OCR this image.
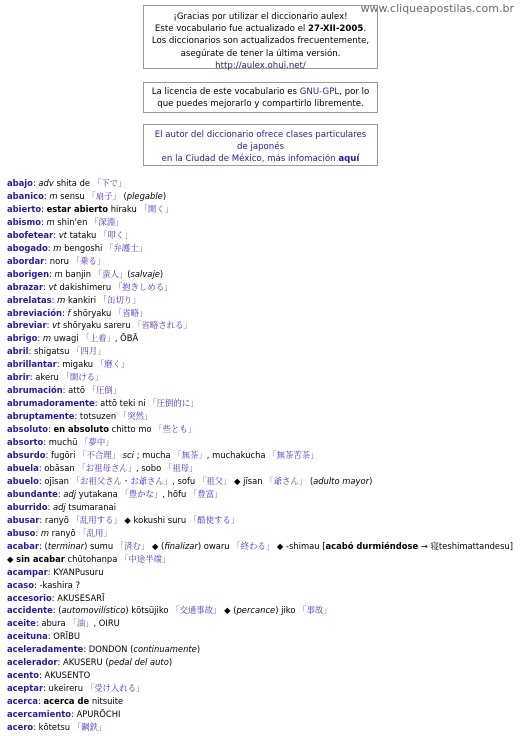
www.cliqueapostilas.com.br
¡Gracias por utilizar el diccionario aulex!
Este vocabulario fue actualizado el 27-XII-2005.
Los diccionarios son actualizados frecuentemente,
asegúrate de tener la última versión.
http://aulex.ohui.net/
La licencia de este vocabulario es GNU-GPL, por lo que puedes mejorarlo y compartirlo libremente.
El autor del diccionario ofrece clases particulares de japonés
en la Ciudad de México, más infomación aquí
abajo: adv shita de 「下で」
abanico: m sensu 「扇子」 (plegable)
abierto: estar abierto hiraku 「開く」
abismo: m shin'en 「深淵」
abofetear: vt tataku 「叩く」
abogado: m bengoshi 「弁護士」
abordar: noru 「乗る」
aborigen: m banjin 「蛮人」(salvaje)
abrazar: vt dakishimeru 「抱きしめる」
abrelatas: m kankiri 「缶切り」
abreviación: f shōryaku 「省略」
abreviar: vt shōryaku sareru 「省略される」
abrigo: m uwagi 「上着」, ŌBĀ
abril: shigatsu 「四月」
abrillantar: migaku 「磨く」
abrir: akeru 「開ける」
abrumación: attō 「圧倒」
abrumadoramente: attō teki ni 「圧倒的に」
abruptamente: totsuzen 「突然」
absoluto: en absoluto chitto mo 「些とも」
absorto: muchū 「夢中」
absurdo: fugōri 「不合理」 sci ; mucha 「無茶」, muchakucha 「無茶苦茶」
abuela: obāsan 「お祖母さん」, sobo 「祖母」
abuelo: ojīsan 「お祖父さん・お爺さん」, sofu 「祖父」 ◆ jīsan 「爺さん」 (adulto mayor)
abundante: adj yutakana 「豊かな」, hōfu 「豊富」
aburrido: adj tsumaranai
abusar: ranyō 「乱用する」 ◆ kokushi suru 「酷使する」
abuso: m ranyō 「乱用」
acabar: (terminar) sumu 「済む」 ◆ (finalizar) owaru 「終わる」 ◆ -shimau [acabó durmiéndose → 寝teshimattandesu] ◆ sin acabar chūtohanpa 「中途半端」
acampar: KYANPusuru
acaso: -kashira ?
accesorio: AKUSESARĪ
accidente: (automovilístico) kōtsūjiko 「交通事故」 ◆ (percance) jiko 「事故」
aceite: abura 「油」, OIRU
aceituna: ORĪBU
aceleradamente: DONDON (continuamente)
acelerador: AKUSERU (pedal del auto)
acento: AKUSENTO
aceptar: ukeireru 「受け入れる」
acerca: acerca de nitsuite
acercamiento: APURŌCHI
acero: kōtetsu 「鋼鉄」
